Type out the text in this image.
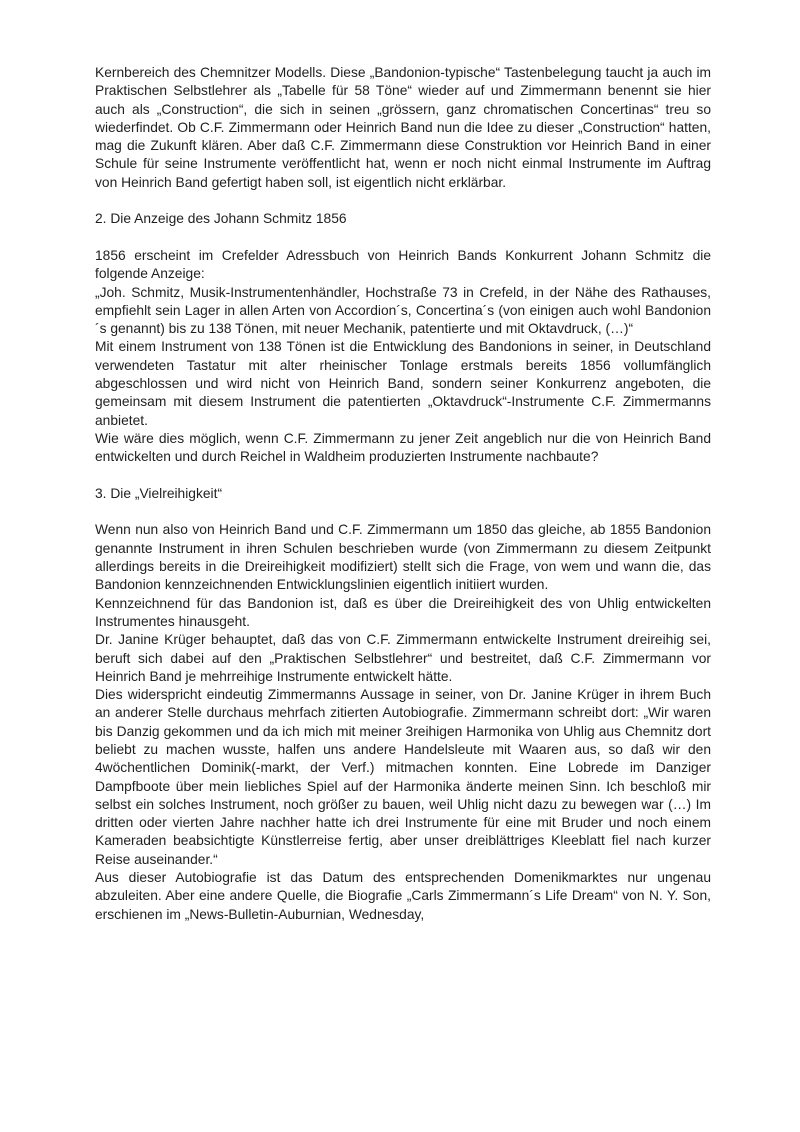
Kernbereich des Chemnitzer Modells. Diese „Bandonion-typische“ Tastenbelegung taucht ja auch im Praktischen Selbstlehrer als „Tabelle für 58 Töne“ wieder auf und Zimmermann benennt sie hier auch als „Construction“, die sich in seinen „grössern, ganz chromatischen Concertinas“ treu so wiederfindet. Ob C.F. Zimmermann oder Heinrich Band nun die Idee zu dieser „Construction“ hatten, mag die Zukunft klären. Aber daß C.F. Zimmermann diese Construktion vor Heinrich Band in einer Schule für seine Instrumente veröffentlicht hat, wenn er noch nicht einmal Instrumente im Auftrag von Heinrich Band gefertigt haben soll, ist eigentlich nicht erklärbar.

2. Die Anzeige des Johann Schmitz 1856

1856 erscheint im Crefelder Adressbuch von Heinrich Bands Konkurrent Johann Schmitz die folgende Anzeige:

„Joh. Schmitz, Musik-Instrumentenhändler, Hochstraße 73 in Crefeld, in der Nähe des Rathauses, empfiehlt sein Lager in allen Arten von Accordion´s, Concertina´s (von einigen auch wohl Bandonion´s genannt) bis zu 138 Tönen, mit neuer Mechanik, patentierte und mit Oktavdruck, (…)“

Mit einem Instrument von 138 Tönen ist die Entwicklung des Bandonions in seiner, in Deutschland verwendeten Tastatur mit alter rheinischer Tonlage erstmals bereits 1856 vollumfänglich abgeschlossen und wird nicht von Heinrich Band, sondern seiner Konkurrenz angeboten, die gemeinsam mit diesem Instrument die patentierten „Oktavdruck“-Instrumente C.F. Zimmermanns anbietet.

Wie wäre dies möglich, wenn C.F. Zimmermann zu jener Zeit angeblich nur die von Heinrich Band entwickelten und durch Reichel in Waldheim produzierten Instrumente nachbaute?

3. Die „Vielreihigkeit“

Wenn nun also von Heinrich Band und C.F. Zimmermann um 1850 das gleiche, ab 1855 Bandonion genannte Instrument in ihren Schulen beschrieben wurde (von Zimmermann zu diesem Zeitpunkt allerdings bereits in die Dreireihigkeit modifiziert) stellt sich die Frage, von wem und wann die, das Bandonion kennzeichnenden Entwicklungslinien eigentlich initiiert wurden.

Kennzeichnend für das Bandonion ist, daß es über die Dreireihigkeit des von Uhlig entwickelten Instrumentes hinausgeht.

Dr. Janine Krüger behauptet, daß das von C.F. Zimmermann entwickelte Instrument dreireihig sei, beruft sich dabei auf den „Praktischen Selbstlehrer“ und bestreitet, daß C.F. Zimmermann vor Heinrich Band je mehrreihige Instrumente entwickelt hätte.

Dies widerspricht eindeutig Zimmermanns Aussage in seiner, von Dr. Janine Krüger in ihrem Buch an anderer Stelle durchaus mehrfach zitierten Autobiografie. Zimmermann schreibt dort: „Wir waren bis Danzig gekommen und da ich mich mit meiner 3reihigen Harmonika von Uhlig aus Chemnitz dort beliebt zu machen wusste, halfen uns andere Handelsleute mit Waaren aus, so daß wir den 4wöchentlichen Dominik(-markt, der Verf.) mitmachen konnten. Eine Lobrede im Danziger Dampfboote über mein liebliches Spiel auf der Harmonika änderte meinen Sinn. Ich beschloß mir selbst ein solches Instrument, noch größer zu bauen, weil Uhlig nicht dazu zu bewegen war (…) Im dritten oder vierten Jahre nachher hatte ich drei Instrumente für eine mit Bruder und noch einem Kameraden beabsichtigte Künstlerreise fertig, aber unser dreiblättriges Kleeblatt fiel nach kurzer Reise auseinander.“

Aus dieser Autobiografie ist das Datum des entsprechenden Domenikmarktes nur ungenau abzuleiten. Aber eine andere Quelle, die Biografie „Carls Zimmermann´s Life Dream“ von N. Y. Son, erschienen im „News-Bulletin-Auburnian, Wednesday,
